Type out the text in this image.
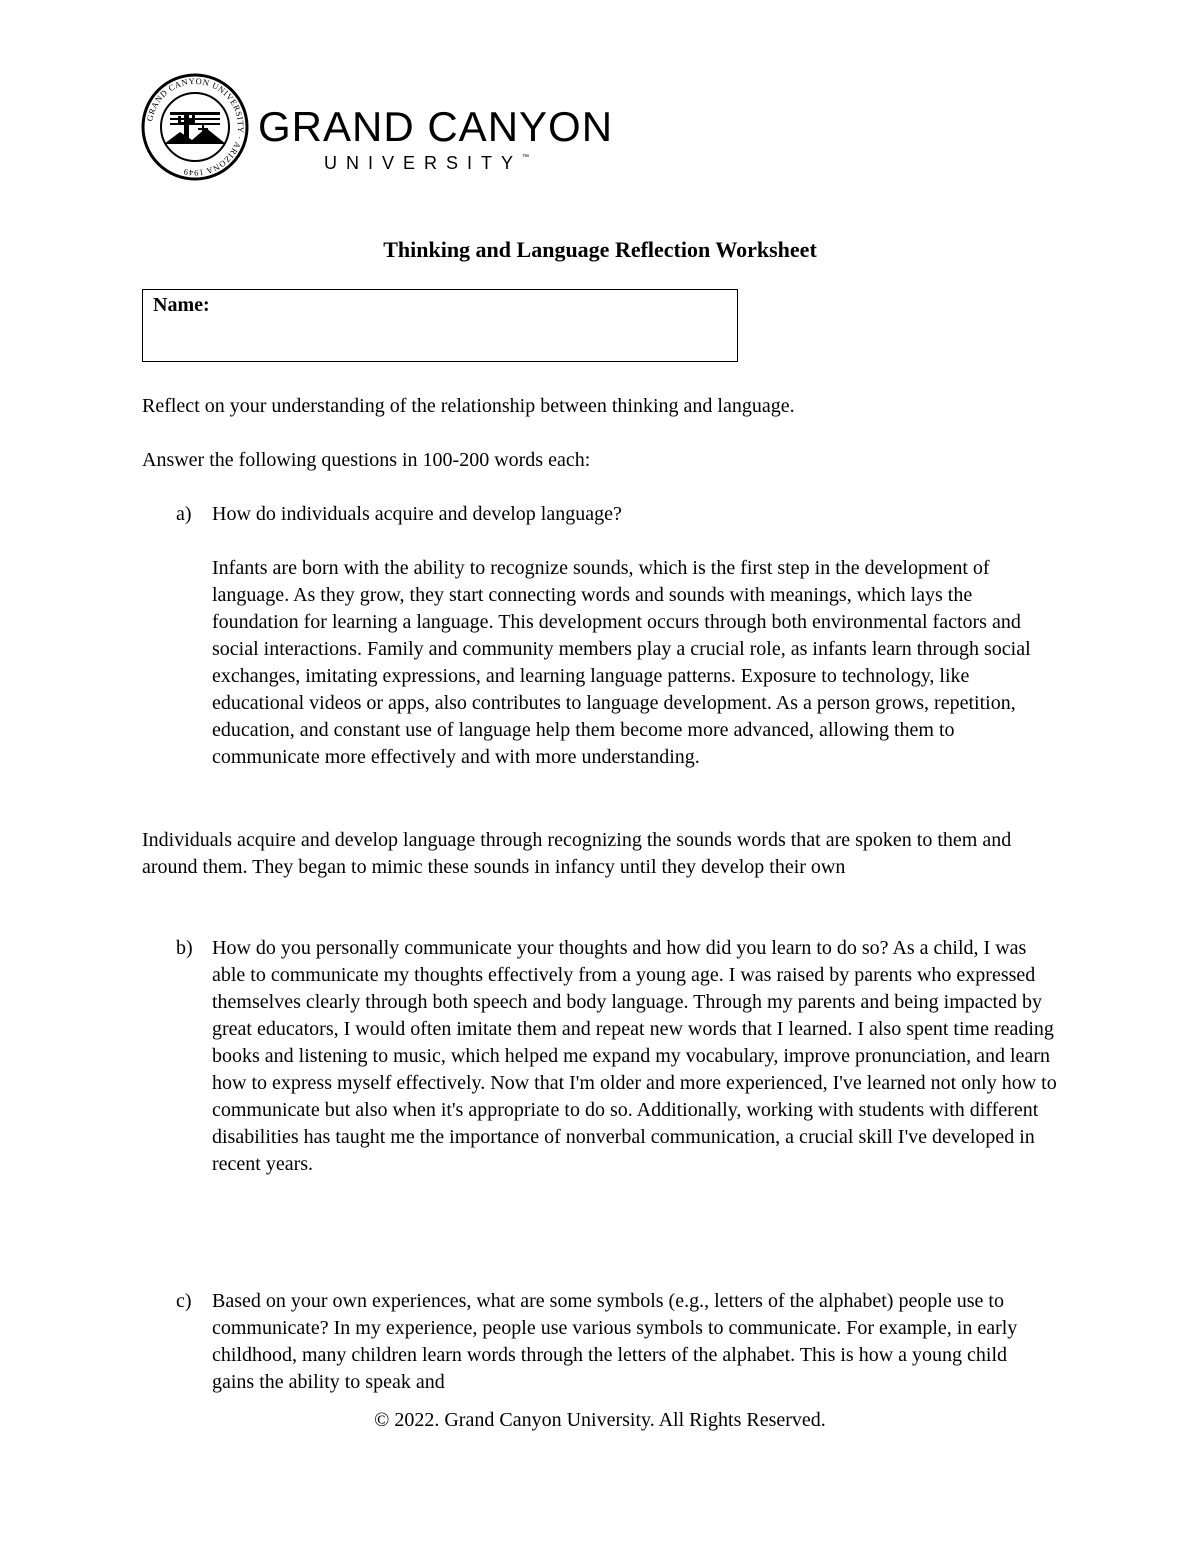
GRAND CANYON UNIVERSITY · ARIZONA 1949
GRAND CANYON
UNIVERSITY™
Thinking and Language Reflection Worksheet
Name:

Reflect on your understanding of the relationship between thinking and language.

Answer the following questions in 100-200 words each:

a) How do individuals acquire and develop language?

Infants are born with the ability to recognize sounds, which is the first step in the development of language. As they grow, they start connecting words and sounds with meanings, which lays the foundation for learning a language. This development occurs through both environmental factors and social interactions. Family and community members play a crucial role, as infants learn through social exchanges, imitating expressions, and learning language patterns. Exposure to technology, like educational videos or apps, also contributes to language development. As a person grows, repetition, education, and constant use of language help them become more advanced, allowing them to communicate more effectively and with more understanding.

Individuals acquire and develop language through recognizing the sounds words that are spoken to them and around them. They began to mimic these sounds in infancy until they develop their own

b) How do you personally communicate your thoughts and how did you learn to do so? As a child, I was able to communicate my thoughts effectively from a young age. I was raised by parents who expressed themselves clearly through both speech and body language. Through my parents and being impacted by great educators, I would often imitate them and repeat new words that I learned. I also spent time reading books and listening to music, which helped me expand my vocabulary, improve pronunciation, and learn how to express myself effectively. Now that I'm older and more experienced, I've learned not only how to communicate but also when it's appropriate to do so. Additionally, working with students with different disabilities has taught me the importance of nonverbal communication, a crucial skill I've developed in recent years.

c) Based on your own experiences, what are some symbols (e.g., letters of the alphabet) people use to communicate? In my experience, people use various symbols to communicate. For example, in early childhood, many children learn words through the letters of the alphabet. This is how a young child gains the ability to speak and

© 2022. Grand Canyon University. All Rights Reserved.
